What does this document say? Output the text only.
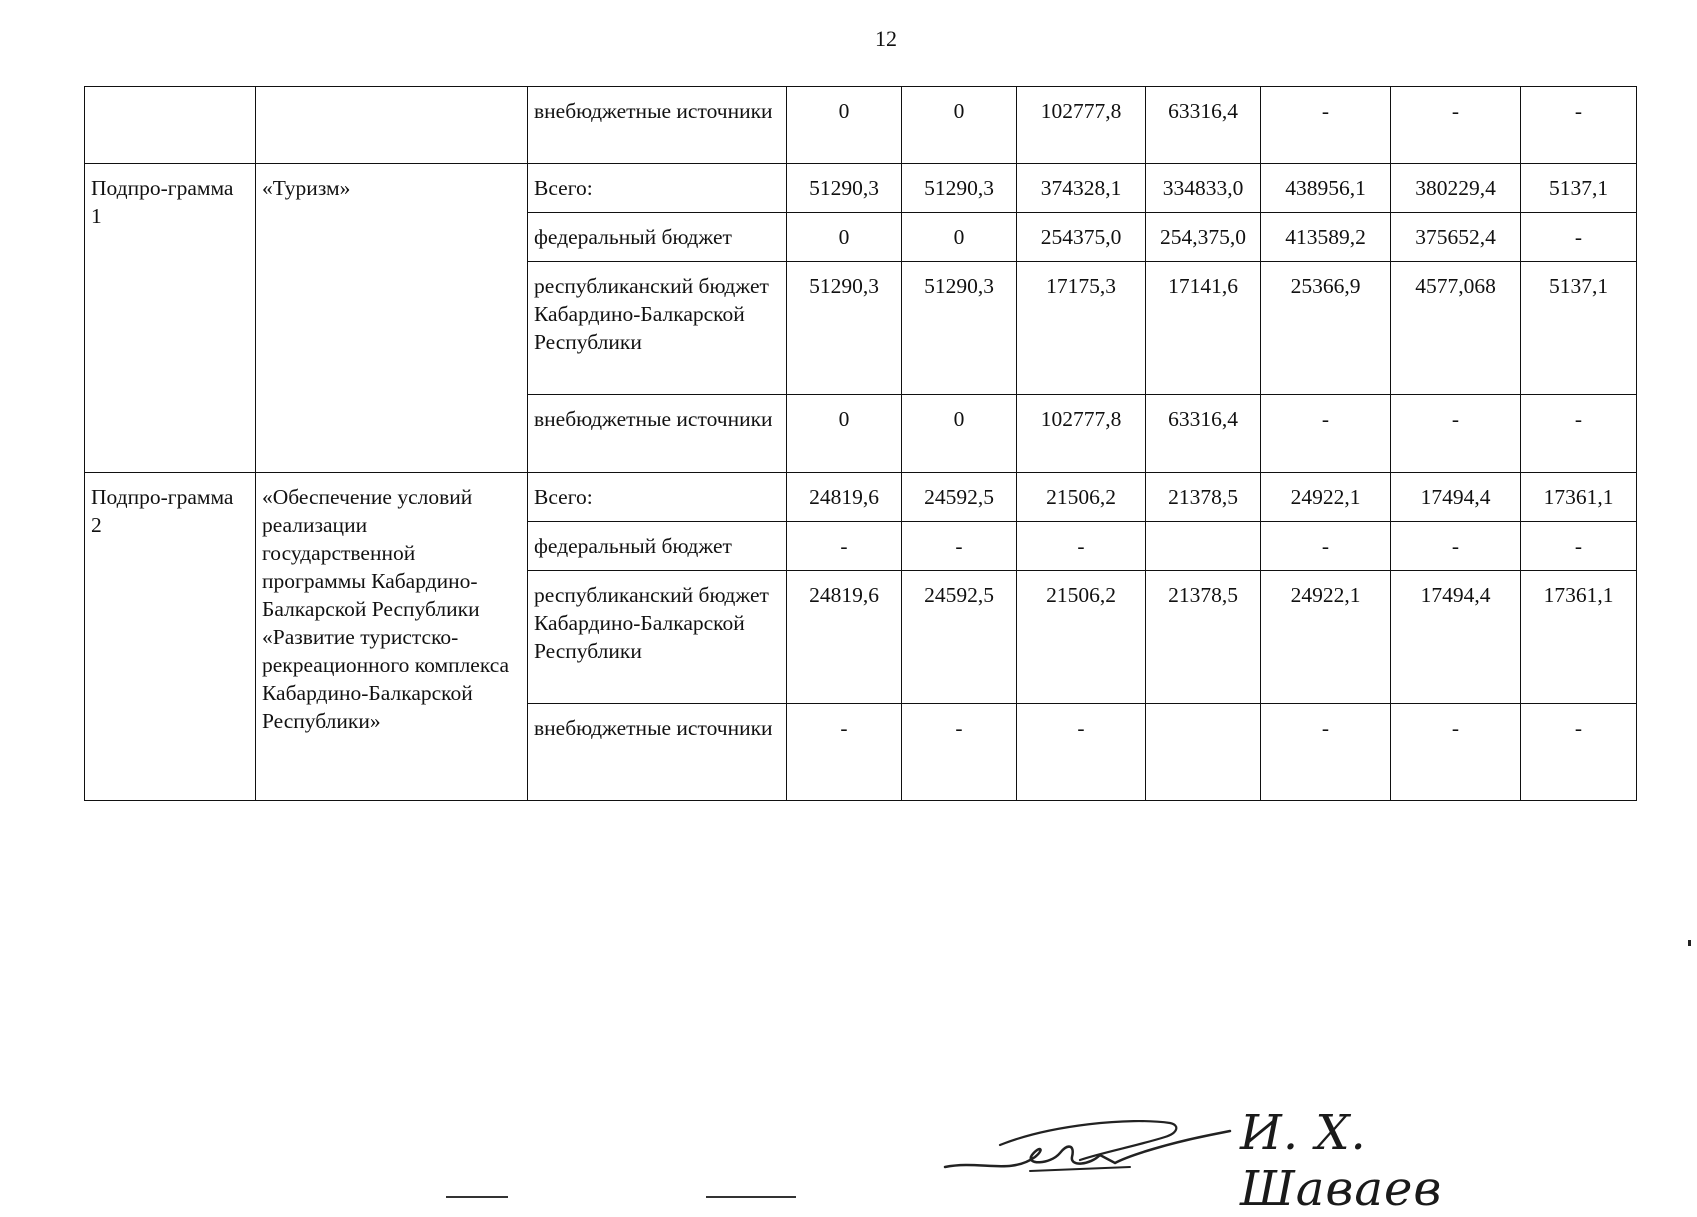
12
		внебюджетные источники	0	0	102777,8	63316,4	-	-	-
Подпро-грамма 1	«Туризм»	Всего:	51290,3	51290,3	374328,1	334833,0	438956,1	380229,4	5137,1
		федеральный бюджет	0	0	254375,0	254,375,0	413589,2	375652,4	-
		республиканский бюджет Кабардино-Балкарской Республики	51290,3	51290,3	17175,3	17141,6	25366,9	4577,068	5137,1
		внебюджетные источники	0	0	102777,8	63316,4	-	-	-
Подпро-грамма 2	«Обеспечение условий реализации государственной программы Кабардино-Балкарской Республики «Развитие туристско-рекреационного комплекса Кабардино-Балкарской Республики»	Всего:	24819,6	24592,5	21506,2	21378,5	24922,1	17494,4	17361,1
		федеральный бюджет	-	-	-		-	-	-
		республиканский бюджет Кабардино-Балкарской Республики	24819,6	24592,5	21506,2	21378,5	24922,1	17494,4	17361,1
		внебюджетные источники	-	-	-		-	-	-
И. Х. Шаваев
